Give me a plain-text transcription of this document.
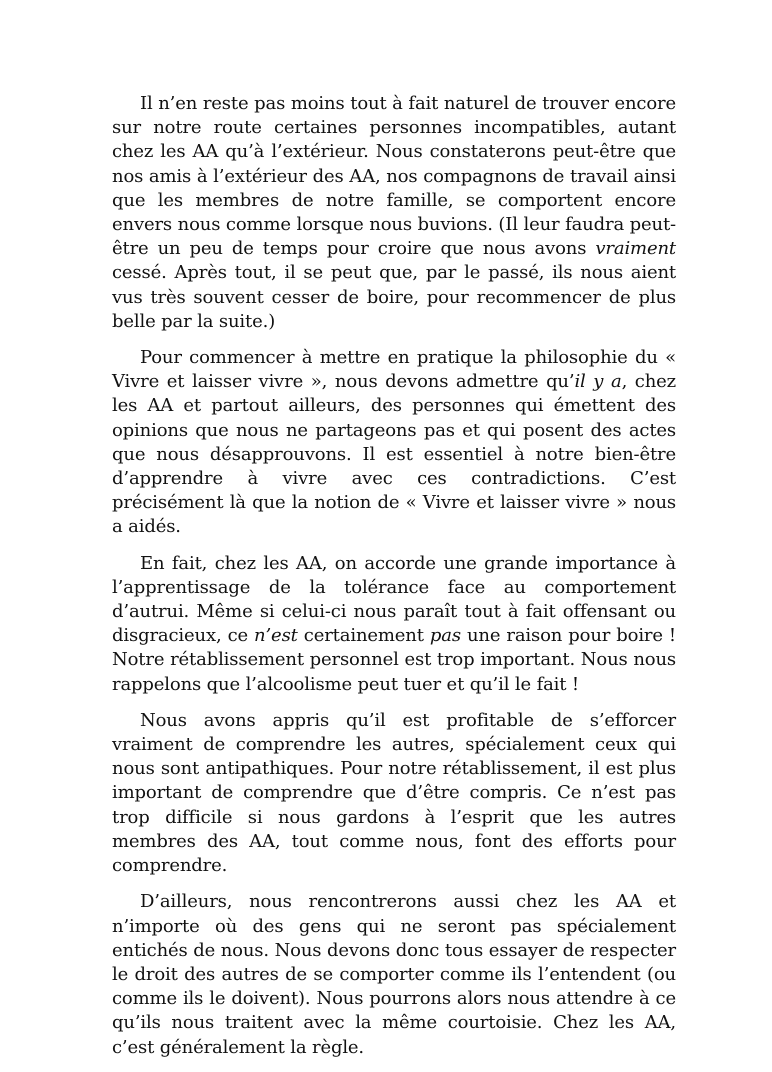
Il n’en reste pas moins tout à fait naturel de trouver encore sur notre route certaines personnes incompatibles, autant chez les AA qu’à l’extérieur. Nous constaterons peut-être que nos amis à l’extérieur des AA, nos compagnons de travail ainsi que les membres de notre famille, se comportent encore envers nous comme lorsque nous buvions. (Il leur faudra peut-être un peu de temps pour croire que nous avons vraiment cessé. Après tout, il se peut que, par le passé, ils nous aient vus très souvent cesser de boire, pour recommencer de plus belle par la suite.)

Pour commencer à mettre en pratique la philosophie du « Vivre et laisser vivre », nous devons admettre qu’il y a, chez les AA et partout ailleurs, des personnes qui émettent des opinions que nous ne partageons pas et qui posent des actes que nous désapprouvons. Il est essentiel à notre bien-être d’apprendre à vivre avec ces contradictions. C’est précisément là que la notion de « Vivre et laisser vivre » nous a aidés.

En fait, chez les AA, on accorde une grande importance à l’apprentissage de la tolérance face au comportement d’autrui. Même si celui-ci nous paraît tout à fait offensant ou disgracieux, ce n’est certainement pas une raison pour boire ! Notre rétablissement personnel est trop important. Nous nous rappelons que l’alcoolisme peut tuer et qu’il le fait !

Nous avons appris qu’il est profitable de s’efforcer vraiment de comprendre les autres, spécialement ceux qui nous sont antipathiques. Pour notre rétablissement, il est plus important de comprendre que d’être compris. Ce n’est pas trop difficile si nous gardons à l’esprit que les autres membres des AA, tout comme nous, font des efforts pour comprendre.

D’ailleurs, nous rencontrerons aussi chez les AA et n’importe où des gens qui ne seront pas spécialement entichés de nous. Nous devons donc tous essayer de respecter le droit des autres de se comporter comme ils l’entendent (ou comme ils le doivent). Nous pourrons alors nous attendre à ce qu’ils nous traitent avec la même courtoisie. Chez les AA, c’est généralement la règle.
